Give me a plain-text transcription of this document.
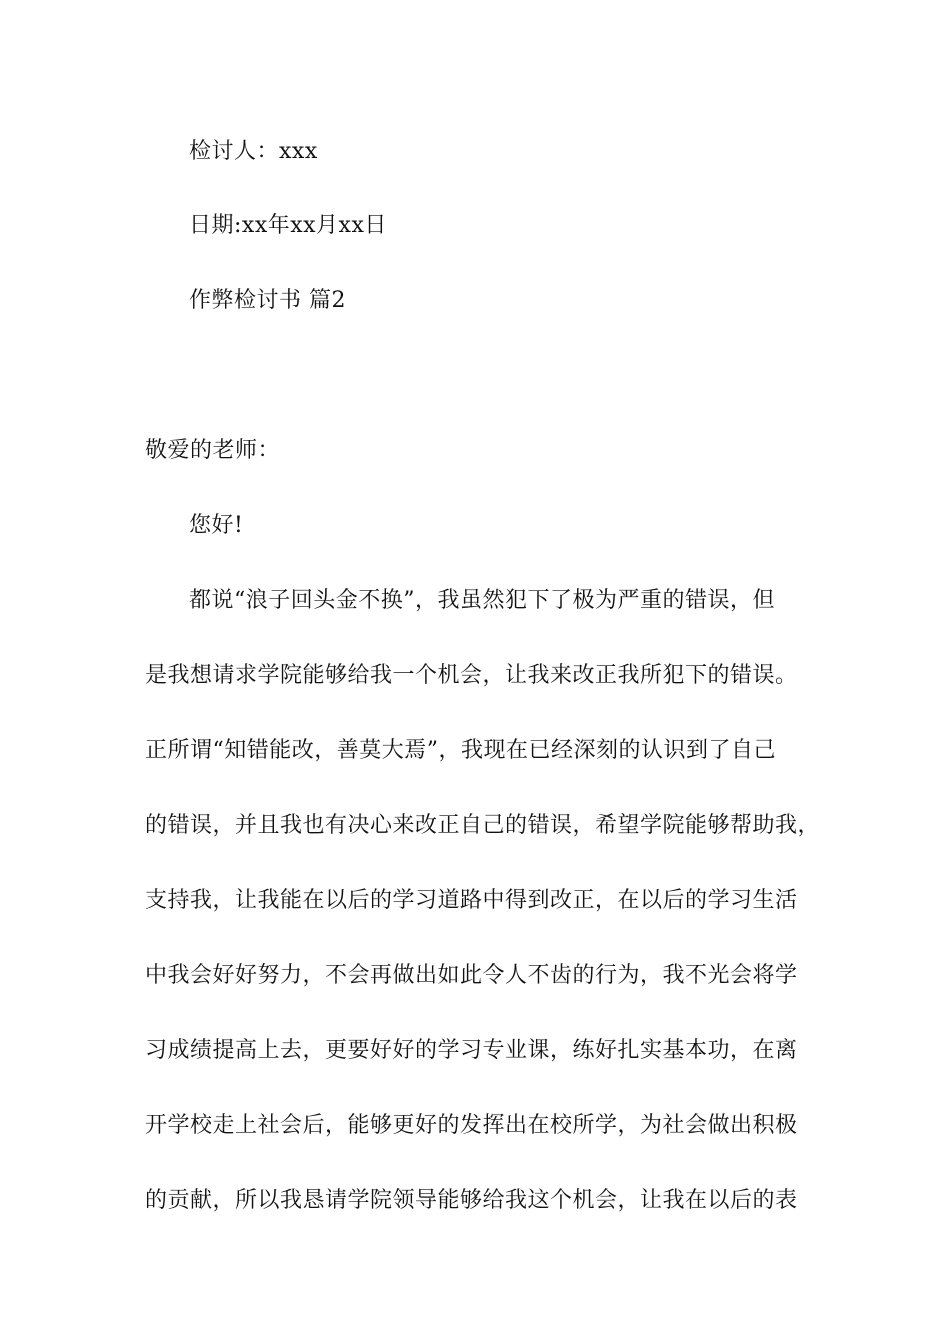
检讨人：xxx
日期:xx年xx月xx日
作弊检讨书 篇2
敬爱的老师：
您好!
都说“浪子回头金不换”，我虽然犯下了极为严重的错误，但
是我想请求学院能够给我一个机会，让我来改正我所犯下的错误。
正所谓“知错能改，善莫大焉”，我现在已经深刻的认识到了自己
的错误，并且我也有决心来改正自己的错误，希望学院能够帮助我，
支持我，让我能在以后的学习道路中得到改正，在以后的学习生活
中我会好好努力，不会再做出如此令人不齿的行为，我不光会将学
习成绩提高上去，更要好好的学习专业课，练好扎实基本功，在离
开学校走上社会后，能够更好的发挥出在校所学，为社会做出积极
的贡献，所以我恳请学院领导能够给我这个机会，让我在以后的表
